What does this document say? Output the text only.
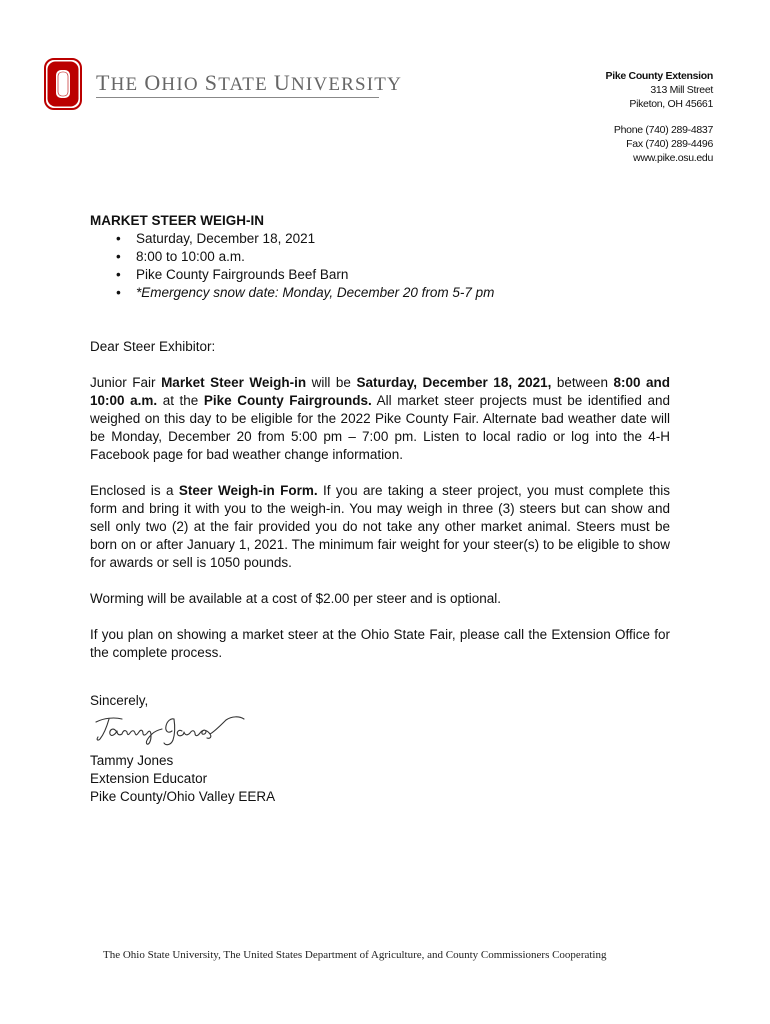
THE OHIO STATE UNIVERSITY	Pike County Extension
313 Mill Street
Piketon, OH 45661
Phone (740) 289-4837
Fax (740) 289-4496
www.pike.osu.edu

MARKET STEER WEIGH-IN

• Saturday, December 18, 2021
• 8:00 to 10:00 a.m.
• Pike County Fairgrounds Beef Barn
• *Emergency snow date: Monday, December 20 from 5-7 pm

Dear Steer Exhibitor:

Junior Fair Market Steer Weigh-in will be Saturday, December 18, 2021, between 8:00 and 10:00 a.m. at the Pike County Fairgrounds. All market steer projects must be identified and weighed on this day to be eligible for the 2022 Pike County Fair. Alternate bad weather date will be Monday, December 20 from 5:00 pm – 7:00 pm. Listen to local radio or log into the 4-H Facebook page for bad weather change information.

Enclosed is a Steer Weigh-in Form. If you are taking a steer project, you must complete this form and bring it with you to the weigh-in. You may weigh in three (3) steers but can show and sell only two (2) at the fair provided you do not take any other market animal. Steers must be born on or after January 1, 2021. The minimum fair weight for your steer(s) to be eligible to show for awards or sell is 1050 pounds.

Worming will be available at a cost of $2.00 per steer and is optional.

If you plan on showing a market steer at the Ohio State Fair, please call the Extension Office for the complete process.

Sincerely,

Tammy Jones

Extension Educator

Pike County/Ohio Valley EERA

The Ohio State University, The United States Department of Agriculture, and County Commissioners Cooperating
